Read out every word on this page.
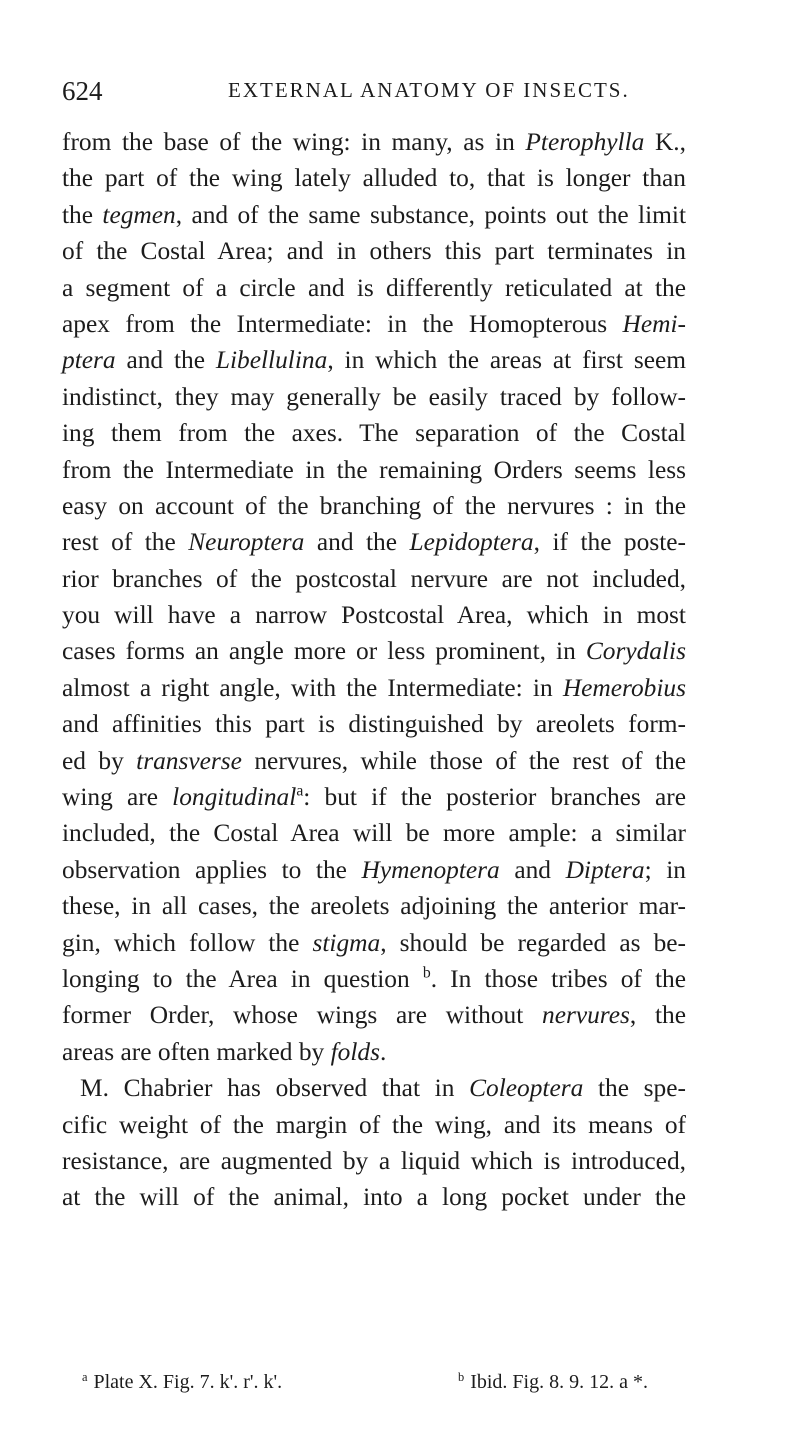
624	EXTERNAL ANATOMY OF INSECTS.
from the base of the wing: in many, as in Pterophylla K.,
the part of the wing lately alluded to, that is longer than
the tegmen, and of the same substance, points out the limit
of the Costal Area; and in others this part terminates in
a segment of a circle and is differently reticulated at the
apex from the Intermediate: in the Homopterous Hemi-
ptera and the Libellulina, in which the areas at first seem
indistinct, they may generally be easily traced by follow-
ing them from the axes. The separation of the Costal
from the Intermediate in the remaining Orders seems less
easy on account of the branching of the nervures : in the
rest of the Neuroptera and the Lepidoptera, if the poste-
rior branches of the postcostal nervure are not included,
you will have a narrow Postcostal Area, which in most
cases forms an angle more or less prominent, in Corydalis
almost a right angle, with the Intermediate: in Hemerobius
and affinities this part is distinguished by areolets form-
ed by transverse nervures, while those of the rest of the
wing are longitudinal$^a$: but if the posterior branches are
included, the Costal Area will be more ample: a similar
observation applies to the Hymenoptera and Diptera; in
these, in all cases, the areolets adjoining the anterior mar-
gin, which follow the stigma, should be regarded as be-
longing to the Area in question $^b$. In those tribes of the
former Order, whose wings are without nervures, the
areas are often marked by folds.
M. Chabrier has observed that in Coleoptera the spe-
cific weight of the margin of the wing, and its means of
resistance, are augmented by a liquid which is introduced,
at the will of the animal, into a long pocket under the
$^a$ Plate X. Fig. 7. k'. r'. k'.	$^b$ Ibid. Fig. 8. 9. 12. a *.
